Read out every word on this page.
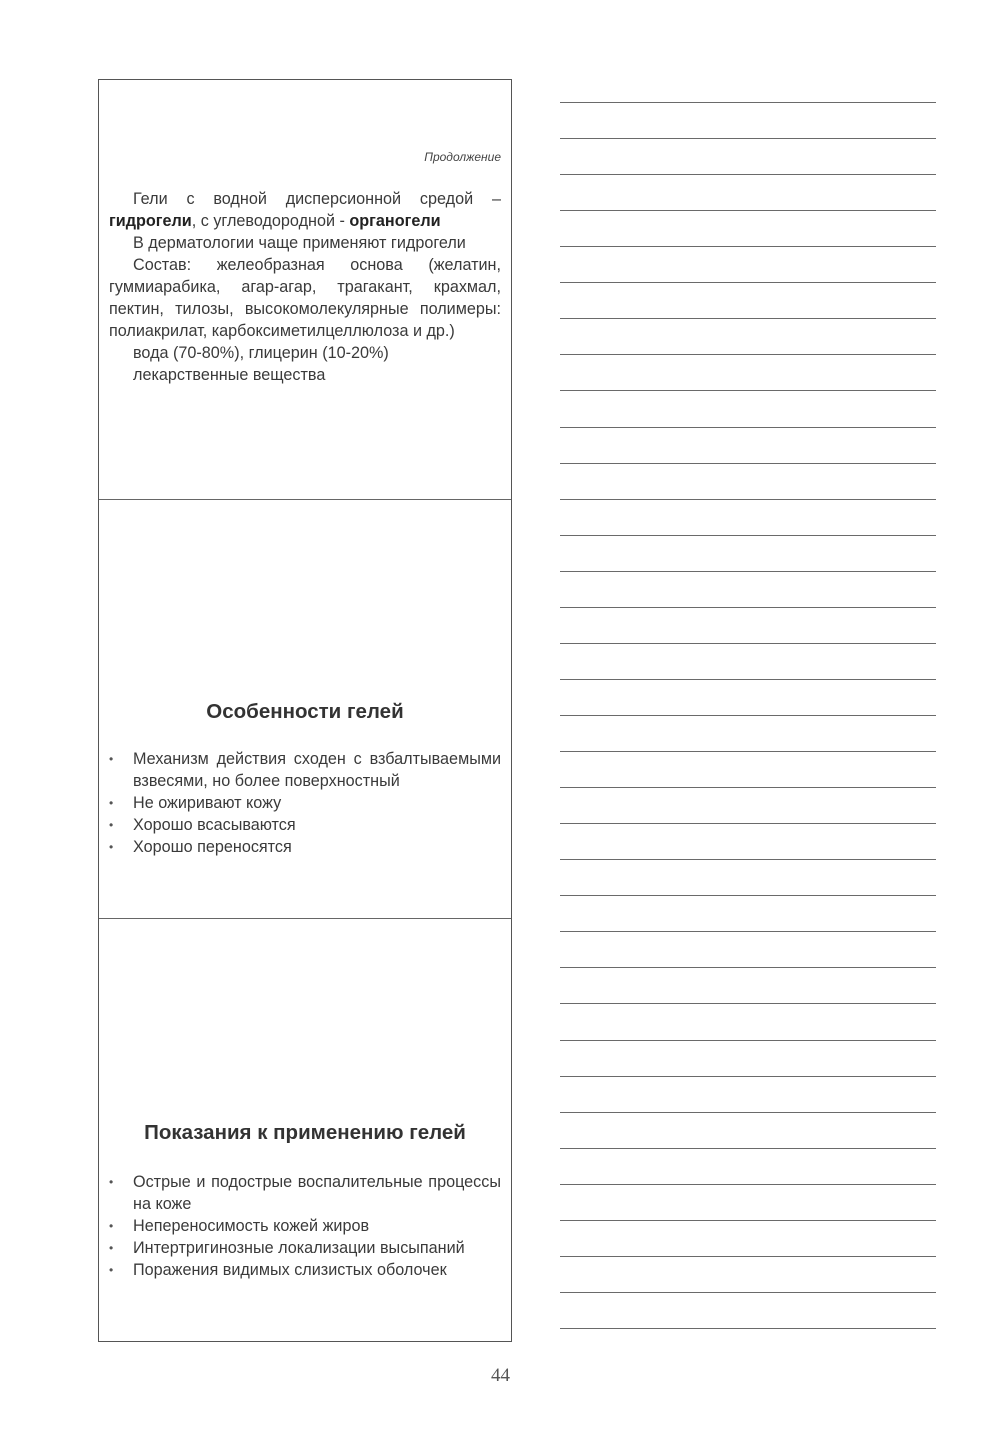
Продолжение

Гели с водной дисперсионной средой – гидрогели, с углеводородной - органогели

В дерматологии чаще применяют гидрогели

Состав: желеобразная основа (желатин, гуммиарабика, агар-агар, трагакант, крахмал, пектин, тилозы, высокомолекулярные полимеры: полиакрилат, карбоксиметилцеллюлоза и др.)

вода (70-80%), глицерин (10-20%)

лекарственные вещества

Особенности гелей
•	Механизм действия сходен с взбалтываемыми взвесями, но более поверхностный
•	Не ожиривают кожу
•	Хорошо всасываются
•	Хорошо переносятся
Показания к применению гелей
•	Острые и подострые воспалительные процессы на коже
•	Непереносимость кожей жиров
•	Интертригинозные локализации высыпаний
•	Поражения видимых слизистых оболочек
44
